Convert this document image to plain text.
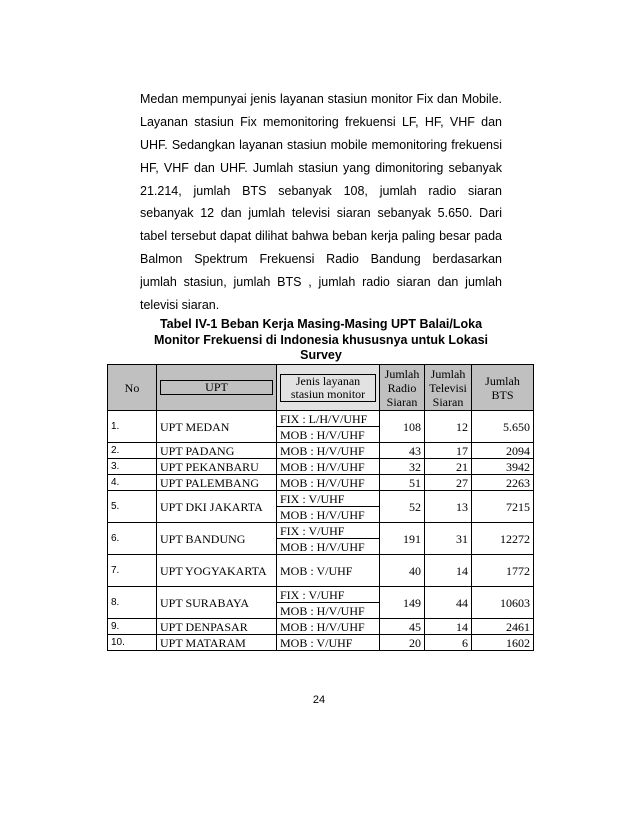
Medan mempunyai jenis layanan stasiun monitor Fix dan Mobile.
Layanan stasiun Fix memonitoring frekuensi LF, HF, VHF dan
UHF. Sedangkan layanan stasiun mobile memonitoring frekuensi
HF, VHF dan UHF. Jumlah stasiun yang dimonitoring sebanyak
21.214, jumlah BTS sebanyak 108, jumlah radio siaran
sebanyak 12 dan jumlah televisi siaran sebanyak 5.650. Dari
tabel tersebut dapat dilihat bahwa beban kerja paling besar pada
Balmon Spektrum Frekuensi Radio Bandung berdasarkan
jumlah stasiun, jumlah BTS , jumlah radio siaran dan jumlah
televisi siaran.
Tabel IV-1 Beban Kerja Masing-Masing UPT Balai/Loka Monitor Frekuensi di Indonesia khususnya untuk Lokasi Survey
No	UPT	Jenis layanan stasiun monitor	Jumlah Radio Siaran	Jumlah Televisi Siaran	Jumlah BTS
1.	UPT MEDAN	FIX : L/H/V/UHF	108	12	5.650
		MOB : H/V/UHF			
2.	UPT PADANG	MOB : H/V/UHF	43	17	2094
3.	UPT PEKANBARU	MOB : H/V/UHF	32	21	3942
4.	UPT PALEMBANG	MOB : H/V/UHF	51	27	2263
5.	UPT DKI JAKARTA	FIX : V/UHF	52	13	7215
		MOB : H/V/UHF			
6.	UPT BANDUNG	FIX : V/UHF	191	31	12272
		MOB : H/V/UHF			
7.	UPT YOGYAKARTA	MOB : V/UHF	40	14	1772
8.	UPT SURABAYA	FIX : V/UHF	149	44	10603
		MOB : H/V/UHF			
9.	UPT DENPASAR	MOB : H/V/UHF	45	14	2461
10.	UPT MATARAM	MOB : V/UHF	20	6	1602
24
